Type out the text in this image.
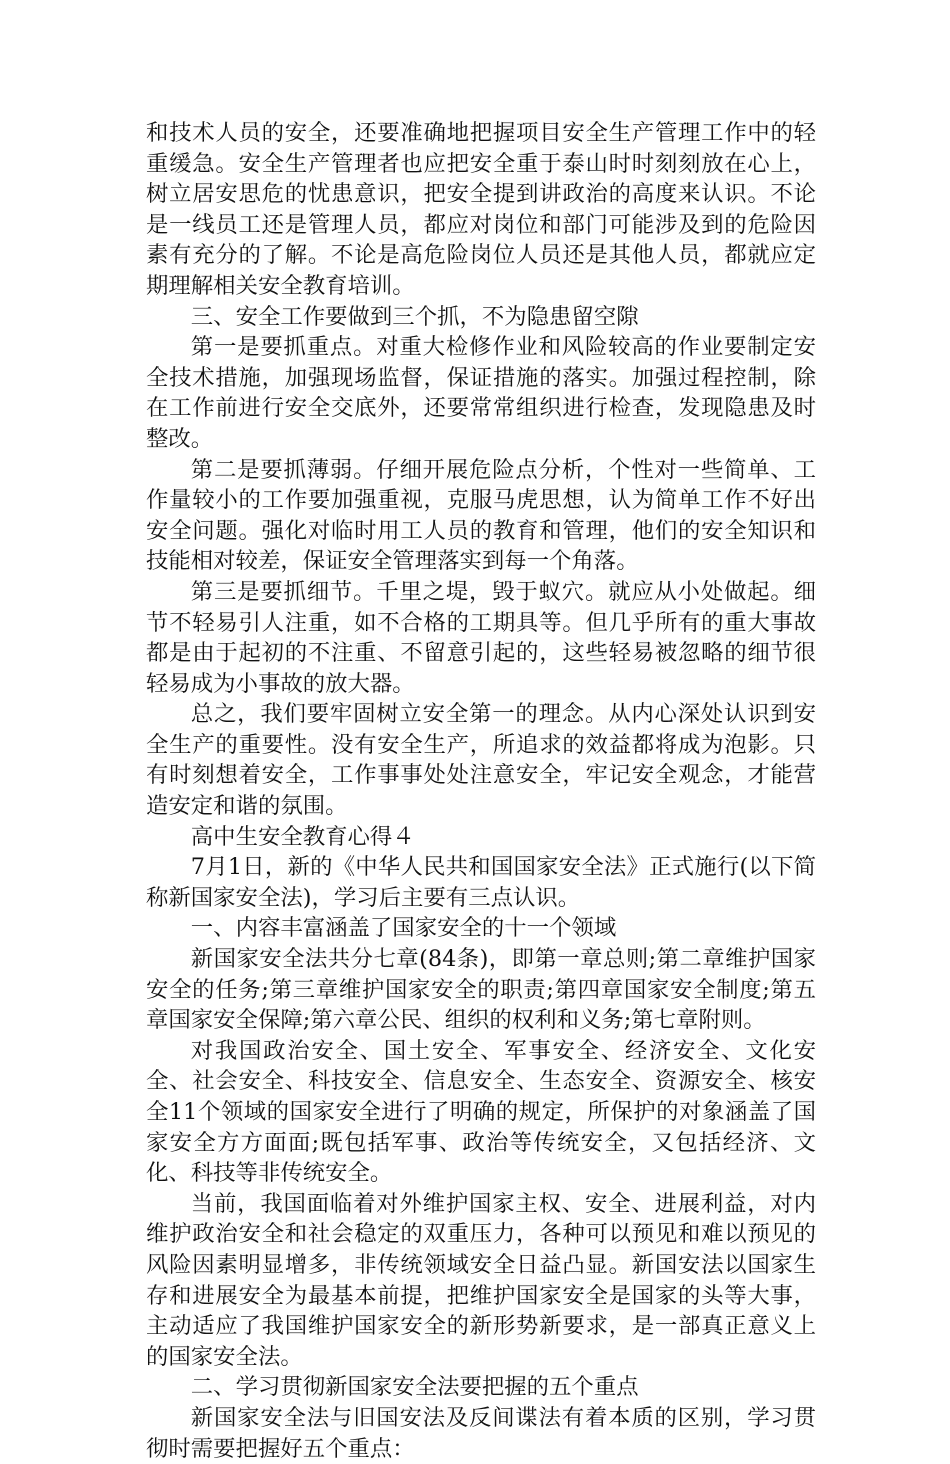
和技术人员的安全，还要准确地把握项目安全生产管理工作中的轻重缓急。安全生产管理者也应把安全重于泰山时时刻刻放在心上，树立居安思危的忧患意识，把安全提到讲政治的高度来认识。不论是一线员工还是管理人员，都应对岗位和部门可能涉及到的危险因素有充分的了解。不论是高危险岗位人员还是其他人员，都就应定期理解相关安全教育培训。

三、安全工作要做到三个抓，不为隐患留空隙

第一是要抓重点。对重大检修作业和风险较高的作业要制定安全技术措施，加强现场监督，保证措施的落实。加强过程控制，除在工作前进行安全交底外，还要常常组织进行检查，发现隐患及时整改。

第二是要抓薄弱。仔细开展危险点分析，个性对一些简单、工作量较小的工作要加强重视，克服马虎思想，认为简单工作不好出安全问题。强化对临时用工人员的教育和管理，他们的安全知识和技能相对较差，保证安全管理落实到每一个角落。

第三是要抓细节。千里之堤，毁于蚁穴。就应从小处做起。细节不轻易引人注重，如不合格的工期具等。但几乎所有的重大事故都是由于起初的不注重、不留意引起的，这些轻易被忽略的细节很轻易成为小事故的放大器。

总之，我们要牢固树立安全第一的理念。从内心深处认识到安全生产的重要性。没有安全生产，所追求的效益都将成为泡影。只有时刻想着安全，工作事事处处注意安全，牢记安全观念，才能营造安定和谐的氛围。

高中生安全教育心得４

7月1日，新的《中华人民共和国国家安全法》正式施行(以下简称新国家安全法)，学习后主要有三点认识。

一、内容丰富涵盖了国家安全的十一个领域

新国家安全法共分七章(84条)，即第一章总则;第二章维护国家安全的任务;第三章维护国家安全的职责;第四章国家安全制度;第五章国家安全保障;第六章公民、组织的权利和义务;第七章附则。

对我国政治安全、国土安全、军事安全、经济安全、文化安全、社会安全、科技安全、信息安全、生态安全、资源安全、核安全11个领域的国家安全进行了明确的规定，所保护的对象涵盖了国家安全方方面面;既包括军事、政治等传统安全，又包括经济、文化、科技等非传统安全。

当前，我国面临着对外维护国家主权、安全、进展利益，对内维护政治安全和社会稳定的双重压力，各种可以预见和难以预见的风险因素明显增多，非传统领域安全日益凸显。新国安法以国家生存和进展安全为最基本前提，把维护国家安全是国家的头等大事，主动适应了我国维护国家安全的新形势新要求，是一部真正意义上的国家安全法。

二、学习贯彻新国家安全法要把握的五个重点

新国家安全法与旧国安法及反间谍法有着本质的区别，学习贯彻时需要把握好五个重点：
